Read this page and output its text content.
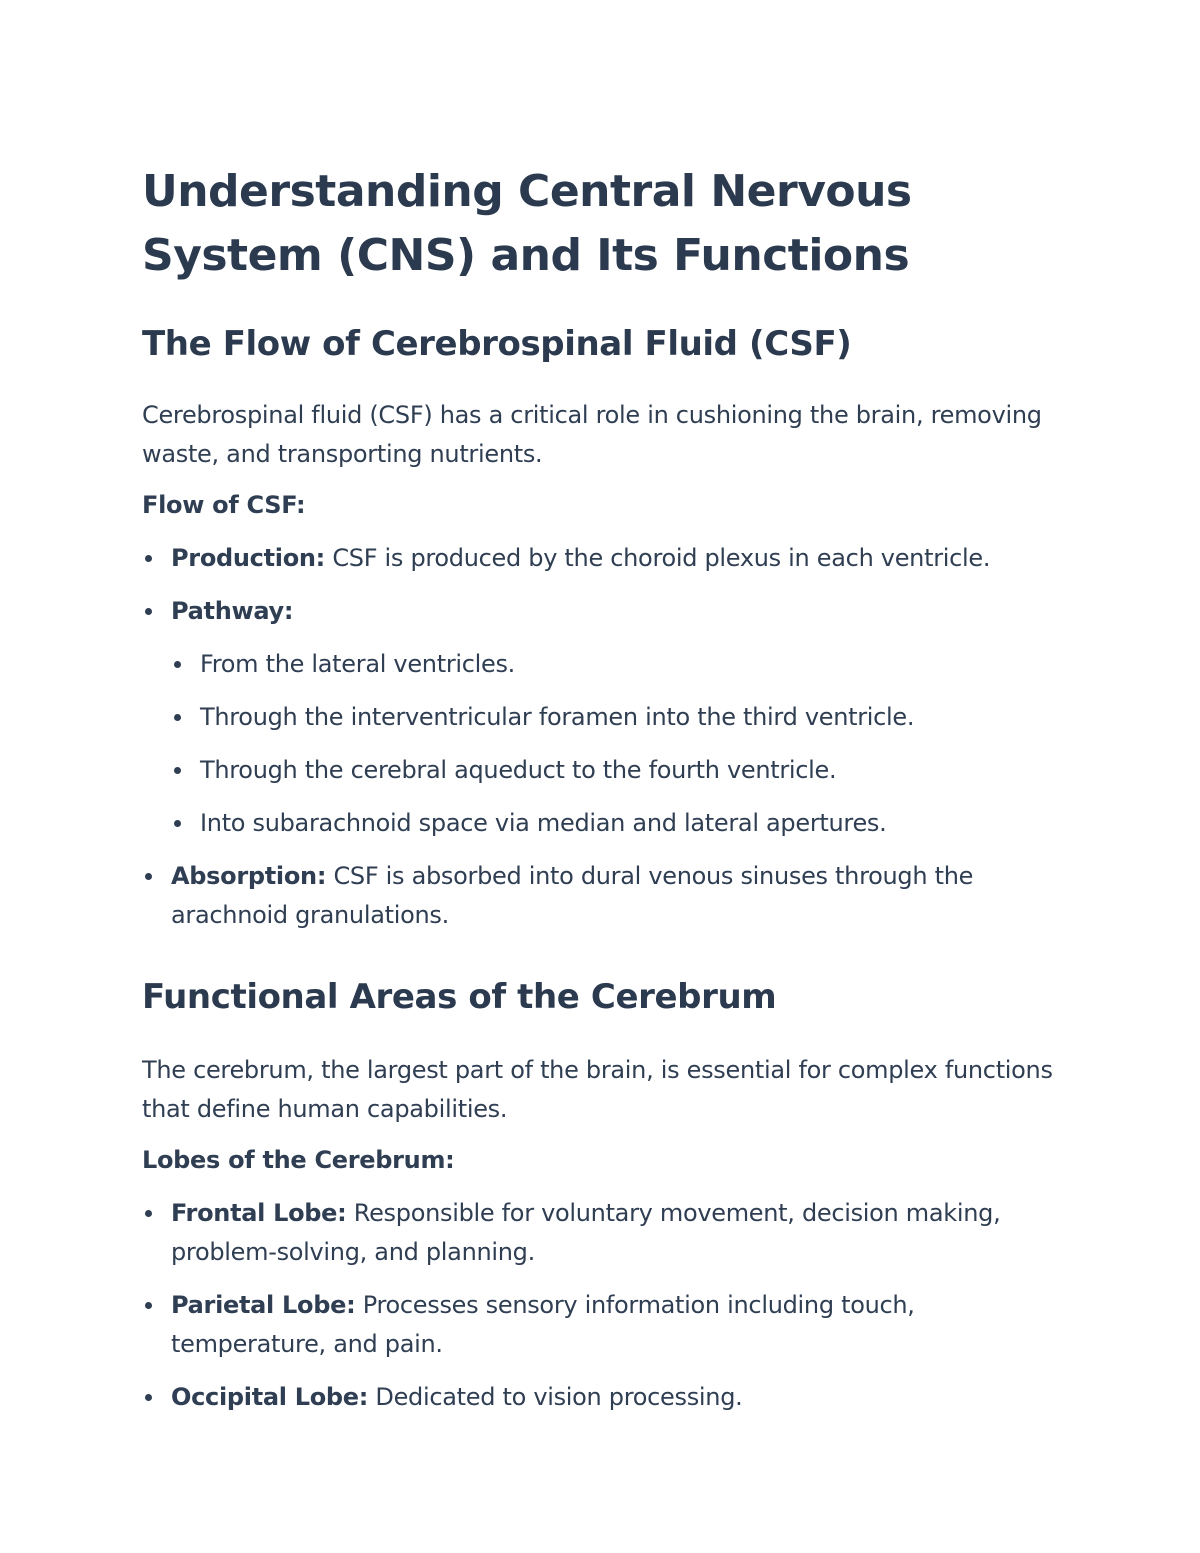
Understanding Central Nervous System (CNS) and Its Functions
The Flow of Cerebrospinal Fluid (CSF)

Cerebrospinal fluid (CSF) has a critical role in cushioning the brain, removing waste, and transporting nutrients.

Flow of CSF:

Production: CSF is produced by the choroid plexus in each ventricle.
Pathway:
From the lateral ventricles.
Through the interventricular foramen into the third ventricle.
Through the cerebral aqueduct to the fourth ventricle.
Into subarachnoid space via median and lateral apertures.
Absorption: CSF is absorbed into dural venous sinuses through the arachnoid granulations.
Functional Areas of the Cerebrum

The cerebrum, the largest part of the brain, is essential for complex functions that define human capabilities.

Lobes of the Cerebrum:

Frontal Lobe: Responsible for voluntary movement, decision making, problem-solving, and planning.
Parietal Lobe: Processes sensory information including touch, temperature, and pain.
Occipital Lobe: Dedicated to vision processing.
